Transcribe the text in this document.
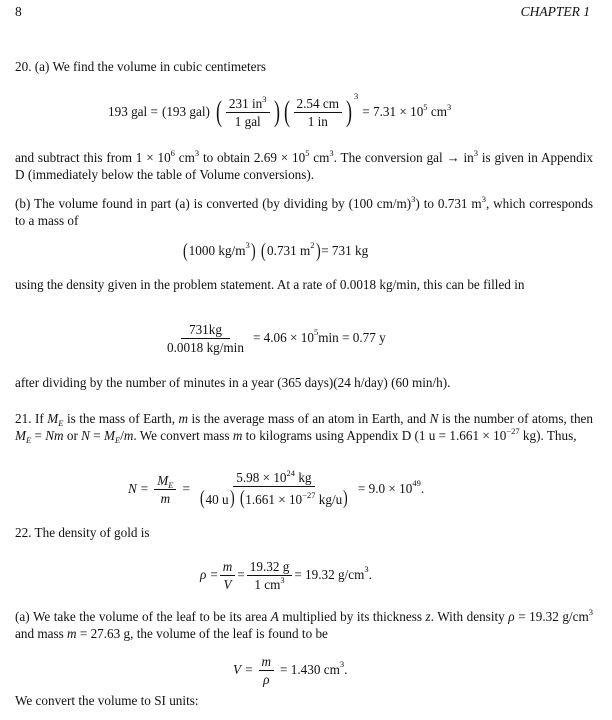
8	CHAPTER 1
20. (a) We find the volume in cubic centimeters
193 gal = (193 gal) ( $\frac{231 in^3}{\text{1 gal}}$ ) ( $\frac{2.54 cm}{1 in}$ ) 3
= $7.31 \times 10^5$ $cm^3$
and subtract this from $1 \times 10^6$ $cm^3$ to obtain $2.69 \times 10^5$ $cm^3$. The conversion gal → $in^3$ is given in Appendix D (immediately below the table of Volume conversions).
(b) The volume found in part (a) is converted (by dividing by (100 cm/m)$^3$) to 0.731 $m^3$, which corresponds to a mass of
( 1000 $kg/m^3$ ) ( 0.731 $m^2$ ) = 731 kg
using the density given in the problem statement. At a rate of 0.0018 kg/min, this can be filled in
$\frac{731kg}{0.0018 kg/\min} = 4.06 \times 10^5$ min = 0.77 y
after dividing by the number of minutes in a year (365 days)(24 h/day) (60 min/h).
21. If $M_E$ is the mass of Earth, m is the average mass of an atom in Earth, and N is the number of atoms, then $M_E = Nm$ or $N = M_E/m$. We convert mass m to kilograms using Appendix D (1 $u = 1.661 \times 10^{-27}$ kg). Thus,
$N = \frac{M_E}{m} = \frac{5.98 \times 10^{24} kg}{(40 u) (1.661 \times 10^{-27} kg/u)} = 9.0 \times 10^{49}$ .
22. The density of gold is
$\rho = \frac{m}{V} = \frac{19.32 g}{1 cm^3} = 19.32$ $g/cm^3$ .
(a) We take the volume of the leaf to be its area A multiplied by its thickness z. With density ρ = 19.32 $g/cm^3$ and mass m = 27.63 g, the volume of the leaf is found to be
$V = \frac{m}{\rho} = 1.430$ $cm^3$ .
We convert the volume to SI units:
